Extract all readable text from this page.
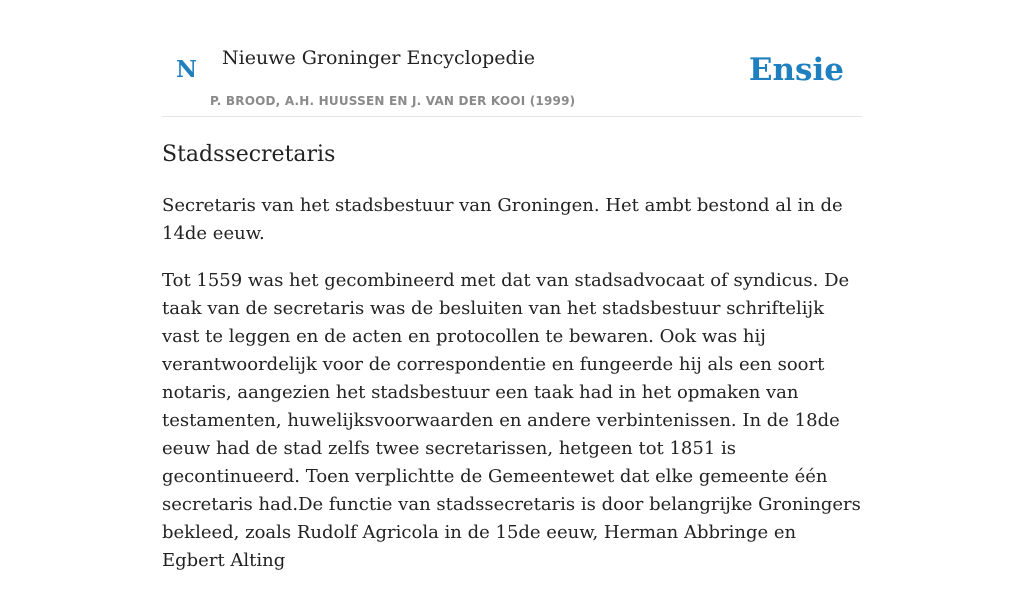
N Nieuwe Groninger Encyclopedie
P. BROOD, A.H. HUUSSEN EN J. VAN DER KOOI (1999)
Ensie
Stadssecretaris

Secretaris van het stadsbestuur van Groningen. Het ambt bestond al in de 14de eeuw.

Tot 1559 was het gecombineerd met dat van stadsadvocaat of syndicus. De taak van de secretaris was de besluiten van het stadsbestuur schriftelijk vast te leggen en de acten en protocollen te bewaren. Ook was hij verantwoordelijk voor de correspondentie en fungeerde hij als een soort notaris, aangezien het stadsbestuur een taak had in het opmaken van testamenten, huwelijksvoorwaarden en andere verbintenissen. In de 18de eeuw had de stad zelfs twee secretarissen, hetgeen tot 1851 is gecontinueerd. Toen verplichtte de Gemeentewet dat elke gemeente één secretaris had.De functie van stadssecretaris is door belangrijke Groningers bekleed, zoals Rudolf Agricola in de 15de eeuw, Herman Abbringe en Egbert Alting
